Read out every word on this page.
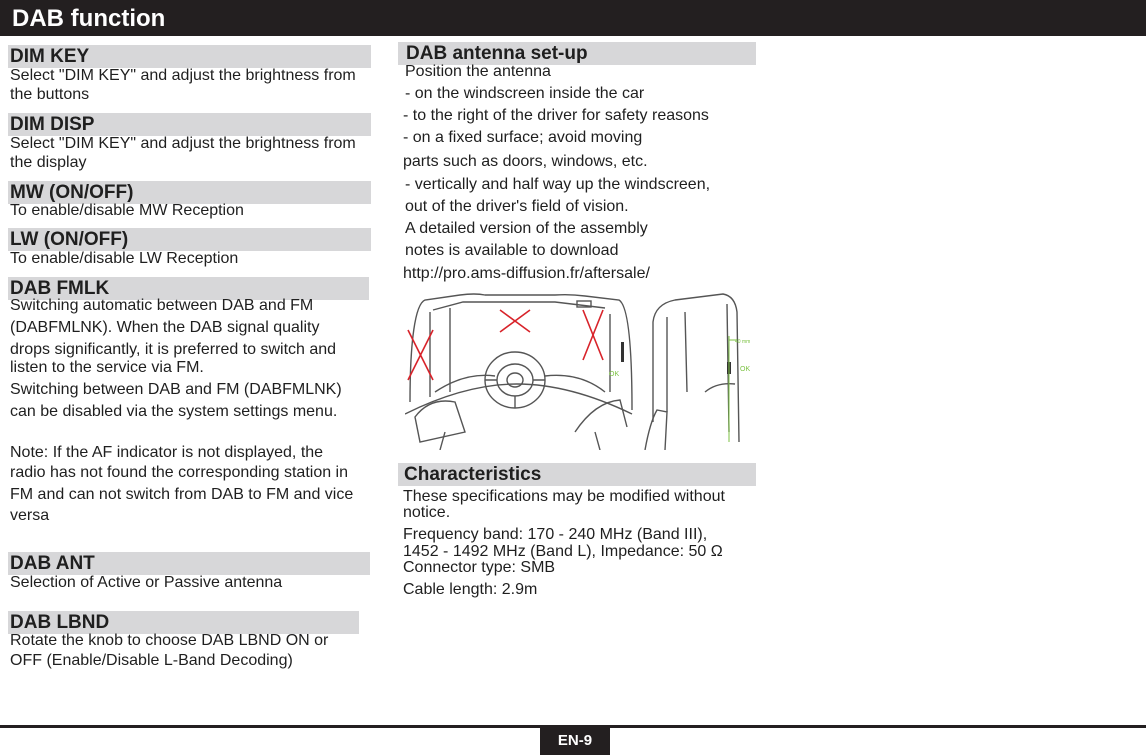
DAB function
DIM KEY
Select "DIM KEY" and adjust the brightness from
the buttons
DIM DISP
Select "DIM KEY" and adjust the brightness from
the display
MW (ON/OFF)
To enable/disable MW Reception
LW (ON/OFF)
To enable/disable LW Reception
DAB FMLK
Switching automatic between DAB and FM
(DABFMLNK). When the DAB signal quality
drops significantly, it is preferred to switch and
listen to the service via FM.
Switching between DAB and FM (DABFMLNK)
can be disabled via the system settings menu.
Note: If the AF indicator is not displayed, the
radio has not found the corresponding station in
FM and can not switch from DAB to FM and vice
versa
DAB ANT
Selection of Active or Passive antenna
DAB LBND
Rotate the knob to choose DAB LBND ON or
OFF (Enable/Disable L-Band Decoding)
DAB antenna set-up
Position the antenna
- on the windscreen inside the car
- to the right of the driver for safety reasons
- on a fixed surface; avoid moving
parts such as doors, windows, etc.
- vertically and half way up the windscreen,
out of the driver's field of vision.
A detailed version of the assembly
notes is available to download
http://pro.ams-diffusion.fr/aftersale/
OK
OK
40 mm
Characteristics
These specifications may be modified without
notice.
Frequency band: 170 - 240 MHz (Band III),
1452 - 1492 MHz (Band L), Impedance: 50 Ω
Connector type: SMB
Cable length: 2.9m
EN-9
